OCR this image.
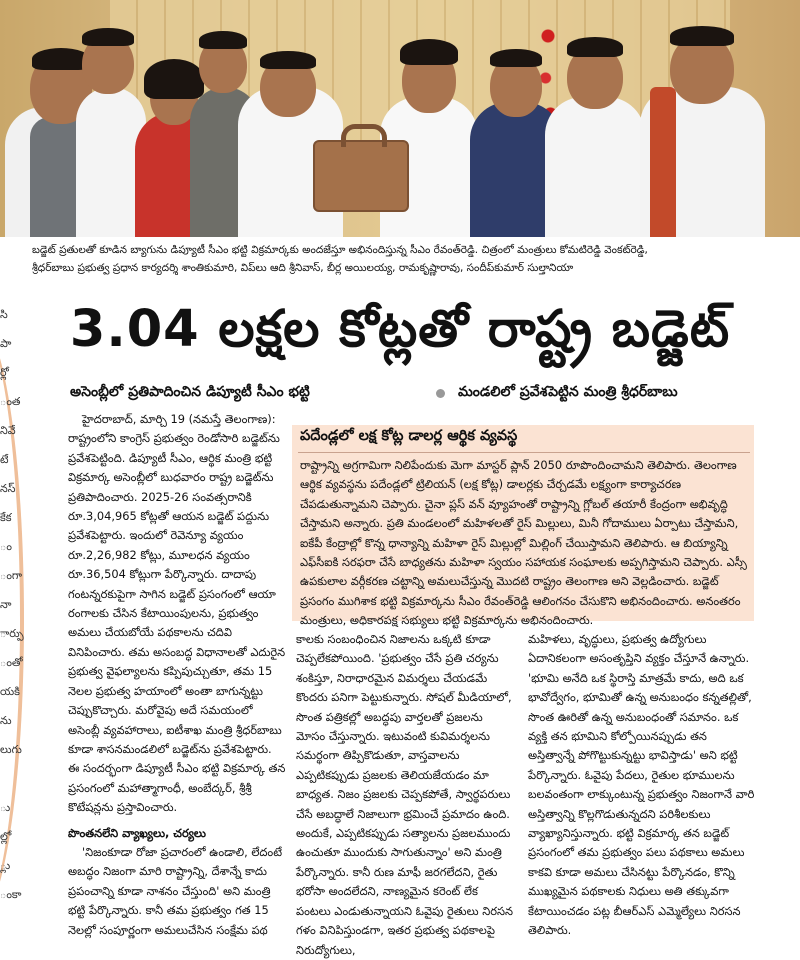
బడ్జెట్ ప్రతులతో కూడిన బ్యాగును డిప్యూటీ సీఎం భట్టి విక్రమార్కకు అందజేస్తూ అభినందిస్తున్న సీఎం రేవంత్‌రెడ్డి. చిత్రంలో మంత్రులు కోమటిరెడ్డి వెంకట్‌రెడ్డి,
శ్రీధర్‌బాబు ప్రభుత్వ ప్రధాన కార్యదర్శి శాంతికుమారి, విప్‌లు ఆది శ్రీనివాస్, బీర్ల అయిలయ్య, రామకృష్ణారావు, సందీప్‌కుమార్ సుల్తానియా
సి
పా
ర్లో
ంత
నివే
టే
నస్
కేక
ం
ంగా
నా
ార్పు
ంతో
యకి
ను
లుగు
ు
ల్లో
్లు
ంకా
3.04 లక్షల కోట్లతో రాష్ట్ర బడ్జెట్
అసెంబ్లీలో ప్రతిపాదించిన డిప్యూటీ సీఎం భట్టి	మండలిలో ప్రవేశపెట్టిన మంత్రి శ్రీధర్‌బాబు

హైదరాబాద్, మార్చి 19 (నమస్తే తెలంగాణ):

రాష్ట్రంలోని కాంగ్రెస్ ప్రభుత్వం రెండోసారి బడ్జెట్‌ను ప్రవేశపెట్టింది. డిప్యూటీ సీఎం, ఆర్థిక మంత్రి భట్టి విక్రమార్క అసెంబ్లీలో బుధవారం రాష్ట్ర బడ్జెట్‌ను ప్రతిపాదించారు. 2025-26 సంవత్సరానికి రూ.3,04,965 కోట్లతో ఆయన బడ్జెట్ పద్దును ప్రవేశపెట్టారు. ఇందులో రెవెన్యూ వ్యయం రూ.2,26,982 కోట్లు, మూలధన వ్యయం రూ.36,504 కోట్లుగా పేర్కొన్నారు. దాదాపు గంటన్నరకుపైగా సాగిన బడ్జెట్ ప్రసంగంలో ఆయా రంగాలకు చేసిన కేటాయింపులను, ప్రభుత్వం అమలు చేయబోయే పథకాలను చదివి వినిపించారు. తమ అసంబద్ధ విధానాలతో ఎదురైన ప్రభుత్వ వైఫల్యాలను కప్పిపుచ్చుతూ, తమ 15 నెలల ప్రభుత్వ హయాంలో అంతా బాగున్నట్టు చెప్పుకొచ్చారు. మరోవైపు అదే సమయంలో అసెంబ్లీ వ్యవహారాలు, ఐటీశాఖ మంత్రి శ్రీధర్‌బాబు కూడా శాసనమండలిలో బడ్జెట్‌ను ప్రవేశపెట్టారు. ఈ సందర్భంగా డిప్యూటీ సీఎం భట్టి విక్రమార్క తన ప్రసంగంలో మహాత్మాగాంధీ, అంబేద్కర్, శ్రీశ్రీ కొటేషన్లను ప్రస్తావించారు.

పొంతనలేని వ్యాఖ్యలు, చర్యలు

'నిజంకూడా రోజా ప్రచారంలో ఉండాలి, లేదంటే అబద్ధం నిజంగా మారి రాష్ట్రాన్ని, దేశాన్నే కాదు ప్రపంచాన్ని కూడా నాశనం చేస్తుంది' అని మంత్రి భట్టి పేర్కొన్నారు. కానీ తమ ప్రభుత్వం గత 15 నెలల్లో సంపూర్ణంగా అమలుచేసిన సంక్షేమ పథ

పదేండ్లలో లక్ష కోట్ల డాలర్ల ఆర్థిక వ్యవస్థ
రాష్ట్రాన్ని అగ్రగామిగా నిలిపేందుకు మెగా మాస్టర్ ప్లాన్ 2050 రూపొందించామని తెలిపారు. తెలంగాణ ఆర్థిక వ్యవస్థను పదేండ్లలో ట్రిలియన్ (లక్ష కోట్ల) డాలర్లకు చేర్చడమే లక్ష్యంగా కార్యాచరణ చేపడుతున్నామని చెప్పారు. చైనా ప్లస్ వన్ వ్యూహంతో రాష్ట్రాన్ని గ్లోబల్ తయారీ కేంద్రంగా అభివృద్ధి చేస్తామని అన్నారు. ప్రతి మండలంలో మహిళలతో రైస్ మిల్లులు, మినీ గోదాములు ఏర్పాటు చేస్తామని, ఐకేపీ కేంద్రాల్లో కొన్న ధాన్యాన్ని మహిళా రైస్ మిల్లుల్లో మిల్లింగ్ చేయిస్తామని తెలిపారు. ఆ బియ్యాన్ని ఎఫ్‌సీఐకి సరఫరా చేసే బాధ్యతను మహిళా స్వయం సహాయక సంఘాలకు అప్పగిస్తామని చెప్పారు. ఎస్సీ ఉపకులాల వర్గీకరణ చట్టాన్ని అమలుచేస్తున్న మొదటి రాష్ట్రం తెలంగాణ అని వెల్లడించారు. బడ్జెట్ ప్రసంగం ముగిశాక భట్టి విక్రమార్కను సీఎం రేవంత్‌రెడ్డి ఆలింగనం చేసుకొని అభినందించారు. అనంతరం మంత్రులు, అధికారపక్ష సభ్యులు భట్టి విక్రమార్కను అభినందించారు.

కాలకు సంబంధించిన నిజాలను ఒక్కటి కూడా చెప్పలేకపోయింది. 'ప్రభుత్వం చేసే ప్రతి చర్యను శంకిస్తూ, నిరాధారమైన విమర్శలు చేయడమే కొందరు పనిగా పెట్టుకున్నారు. సోషల్ మీడియాలో, సొంత పత్రికల్లో అబద్ధపు వార్తలతో ప్రజలను మోసం చేస్తున్నారు. ఇటువంటి కువిమర్శలను సమర్థంగా తిప్పికొడుతూ, వాస్తవాలను ఎప్పటికప్పుడు ప్రజలకు తెలియజేయడం మా బాధ్యత. నిజం ప్రజలకు చెప్పకపోతే, స్వార్థపరులు చేసే అబద్ధాలే నిజాలుగా భ్రమించే ప్రమాదం ఉంది. అందుకే, ఎప్పటికప్పుడు సత్యాలను ప్రజలముందు ఉంచుతూ ముందుకు సాగుతున్నాం' అని మంత్రి పేర్కొన్నారు. కానీ రుణ మాఫీ జరగలేదని, రైతు భరోసా అందలేదని, నాణ్యమైన కరెంట్ లేక పంటలు ఎండుతున్నాయని ఓవైపు రైతులు నిరసన గళం వినిపిస్తుండగా, ఇతర ప్రభుత్వ పథకాలపై నిరుద్యోగులు,

మహిళలు, వృద్ధులు, ప్రభుత్వ ఉద్యోగులు ఏదానికలంగా అసంతృప్తిని వ్యక్తం చేస్తూనే ఉన్నారు. 'భూమి అనేది ఒక స్థిరాస్తి మాత్రమే కాదు, అది ఒక భావోద్వేగం, భూమితో ఉన్న అనుబంధం కన్నతల్లితో, సొంత ఊరితో ఉన్న అనుబంధంతో సమానం. ఒక వ్యక్తి తన భూమిని కోల్పోయినప్పుడు తన అస్తిత్వాన్నే పోగొట్టుకున్నట్టు భావిస్తాడు' అని భట్టి పేర్కొన్నారు. ఓవైపు పేదలు, రైతుల భూములను బలవంతంగా లాక్కుంటున్న ప్రభుత్వం నిజంగానే వారి అస్తిత్వాన్ని కొల్లగొడుతున్నదని పరిశీలకులు వ్యాఖ్యానిస్తున్నారు. భట్టి విక్రమార్క తన బడ్జెట్ ప్రసంగంలో తమ ప్రభుత్వం పలు పథకాలు అమలు కాకవి కూడా అమలు చేసినట్టు పేర్కొనడం, కొన్ని ముఖ్యమైన పథకాలకు నిధులు అతి తక్కువగా కేటాయించడం పట్ల బీఆర్ఎస్ ఎమ్మెల్యేలు నిరసన తెలిపారు.
